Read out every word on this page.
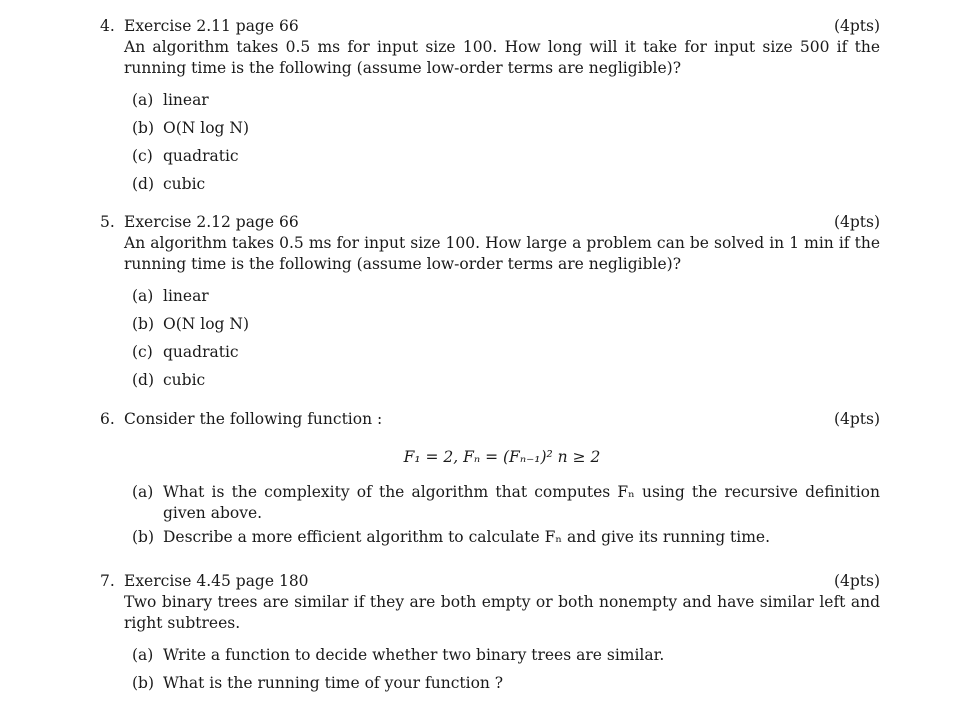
4. Exercise 2.11 page 66	(4pts)
An algorithm takes 0.5 ms for input size 100. How long will it take for input size 500 if the running time is the following (assume low-order terms are negligible)?
(a) linear
(b) O(N log N)
(c) quadratic
(d) cubic
5. Exercise 2.12 page 66	(4pts)
An algorithm takes 0.5 ms for input size 100. How large a problem can be solved in 1 min if the running time is the following (assume low-order terms are negligible)?
(a) linear
(b) O(N log N)
(c) quadratic
(d) cubic
6. Consider the following function :	(4pts)
F₁ = 2, Fₙ = (Fₙ₋₁)² n ≥ 2
(a) What is the complexity of the algorithm that computes Fₙ using the recursive definition given above.
(b) Describe a more efficient algorithm to calculate Fₙ and give its running time.
7. Exercise 4.45 page 180	(4pts)
Two binary trees are similar if they are both empty or both nonempty and have similar left and right subtrees.
(a) Write a function to decide whether two binary trees are similar.
(b) What is the running time of your function ?
